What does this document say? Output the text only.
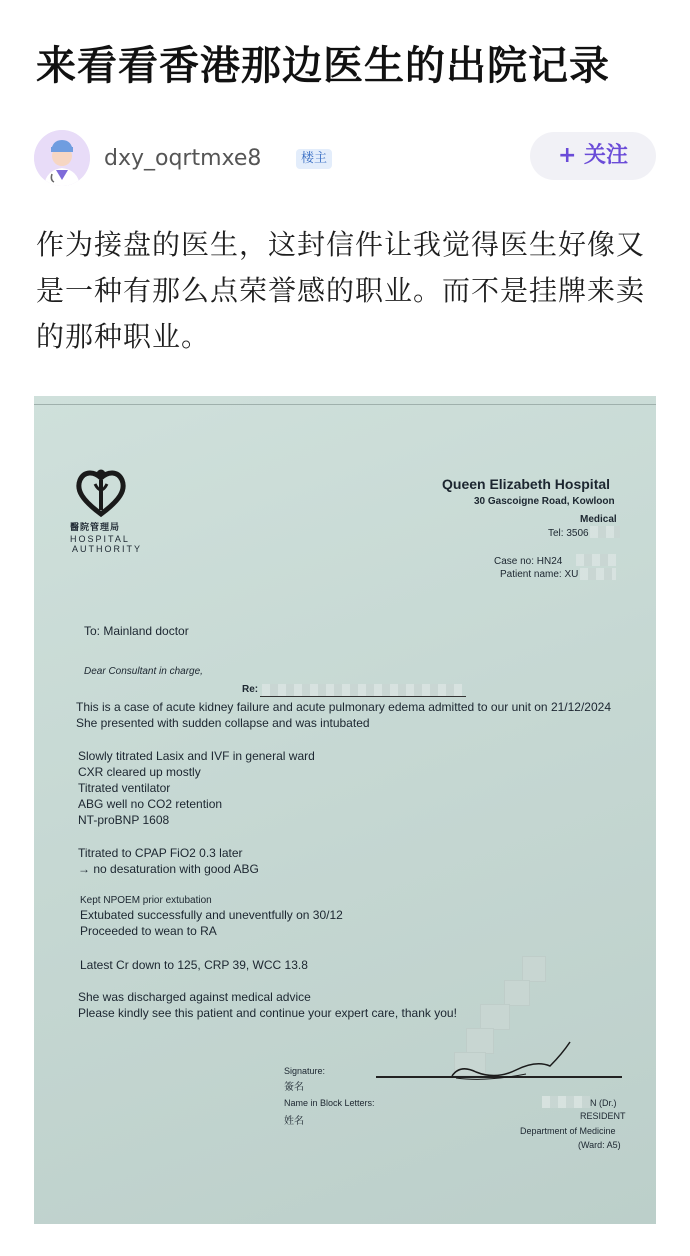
来看看香港那边医生的出院记录
dxy_oqrtmxe8	楼主	+ 关注
作为接盘的医生，这封信件让我觉得医生好像又是一种有那么点荣誉感的职业。而不是挂牌来卖的那种职业。
醫院管理局
HOSPITAL
AUTHORITY
Queen Elizabeth Hospital
30 Gascoigne Road, Kowloon
Medical
Tel: 3506
Case no: HN24
Patient name: XU
To: Mainland doctor
Dear Consultant in charge,
Re:
This is a case of acute kidney failure and acute pulmonary edema admitted to our unit on 21/12/2024
She presented with sudden collapse and was intubated
Slowly titrated Lasix and IVF in general ward
CXR cleared up mostly
Titrated ventilator
ABG well no CO2 retention
NT-proBNP 1608
Titrated to CPAP FiO2 0.3 later
→ no desaturation with good ABG
Kept NPOEM prior extubation
Extubated successfully and uneventfully on 30/12
Proceeded to wean to RA
Latest Cr down to 125, CRP 39, WCC 13.8
She was discharged against medical advice
Please kindly see this patient and continue your expert care, thank you!
Signature:
簽名
Name in Block Letters:
姓名
N (Dr.)
RESIDENT
Department of Medicine
(Ward: A5)
